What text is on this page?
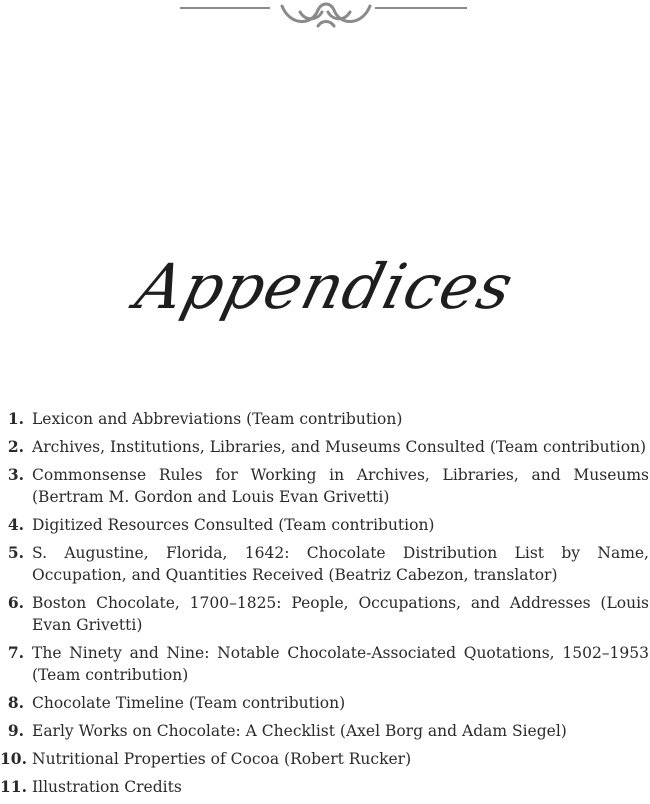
Appendices
1. Lexicon and Abbreviations (Team contribution)
2. Archives, Institutions, Libraries, and Museums Consulted (Team contribution)
3. Commonsense Rules for Working in Archives, Libraries, and Museums (Bertram M. Gordon and Louis Evan Grivetti)
4. Digitized Resources Consulted (Team contribution)
5. S. Augustine, Florida, 1642: Chocolate Distribution List by Name, Occupation, and Quantities Received (Beatriz Cabezon, translator)
6. Boston Chocolate, 1700–1825: People, Occupations, and Addresses (Louis Evan Grivetti)
7. The Ninety and Nine: Notable Chocolate-Associated Quotations, 1502–1953 (Team contribution)
8. Chocolate Timeline (Team contribution)
9. Early Works on Chocolate: A Checklist (Axel Borg and Adam Siegel)
10. Nutritional Properties of Cocoa (Robert Rucker)
11. Illustration Credits
